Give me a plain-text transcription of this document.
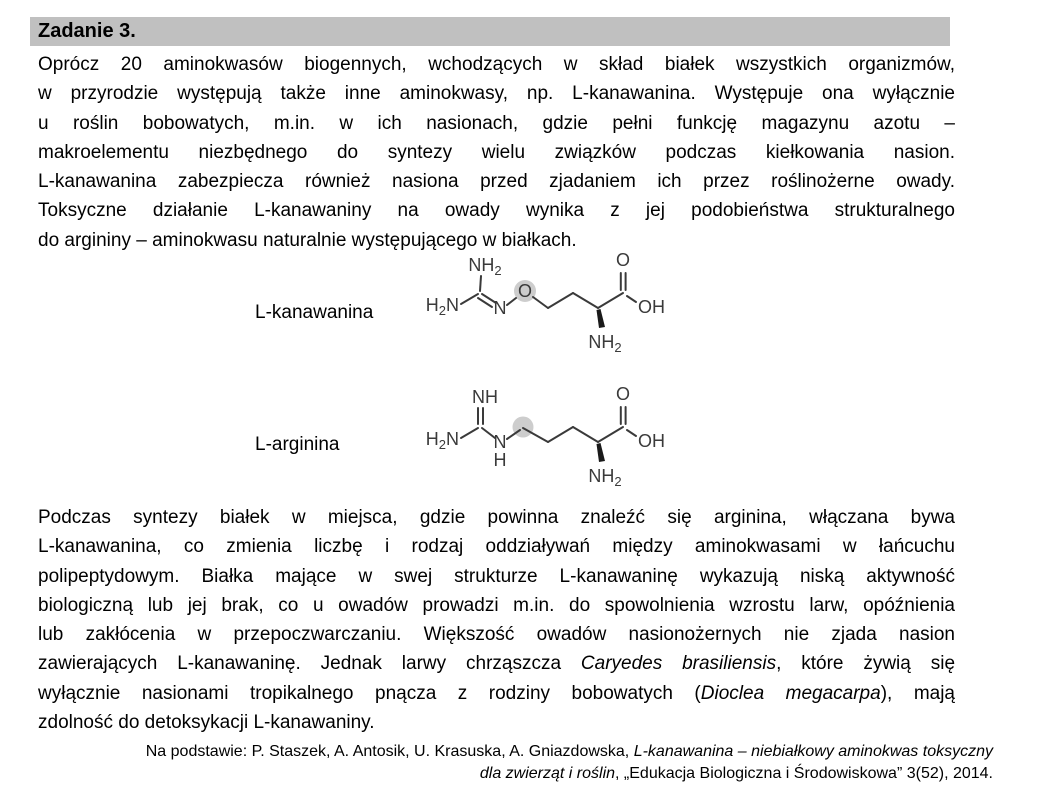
Zadanie 3.
Oprócz 20 aminokwasów biogennych, wchodzących w skład białek wszystkich organizmów,
w przyrodzie występują także inne aminokwasy, np. L-kanawanina. Występuje ona wyłącznie
u roślin bobowatych, m.in. w ich nasionach, gdzie pełni funkcję magazynu azotu –
makroelementu niezbędnego do syntezy wielu związków podczas kiełkowania nasion.
L-kanawanina zabezpiecza również nasiona przed zjadaniem ich przez roślinożerne owady.
Toksyczne działanie L-kanawaniny na owady wynika z jej podobieństwa strukturalnego
do argininy – aminokwasu naturalnie występującego w białkach.
L-kanawanina
$NH_2$
$H_2N$ N
O
O
OH
$NH_2$
L-arginina
NH
$H_2N$ N
H
O
OH
$NH_2$
Podczas syntezy białek w miejsca, gdzie powinna znaleźć się arginina, włączana bywa
L-kanawanina, co zmienia liczbę i rodzaj oddziaływań między aminokwasami w łańcuchu
polipeptydowym. Białka mające w swej strukturze L-kanawaninę wykazują niską aktywność
biologiczną lub jej brak, co u owadów prowadzi m.in. do spowolnienia wzrostu larw, opóźnienia
lub zakłócenia w przepoczwarczaniu. Większość owadów nasionożernych nie zjada nasion
zawierających L-kanawaninę. Jednak larwy chrząszcza Caryedes brasiliensis, które żywią się
wyłącznie nasionami tropikalnego pnącza z rodziny bobowatych (Dioclea megacarpa), mają
zdolność do detoksykacji L-kanawaniny.
Na podstawie: P. Staszek, A. Antosik, U. Krasuska, A. Gniazdowska, L-kanawanina – niebiałkowy aminokwas toksyczny
dla zwierząt i roślin, „Edukacja Biologiczna i Środowiskowa” 3(52), 2014.
